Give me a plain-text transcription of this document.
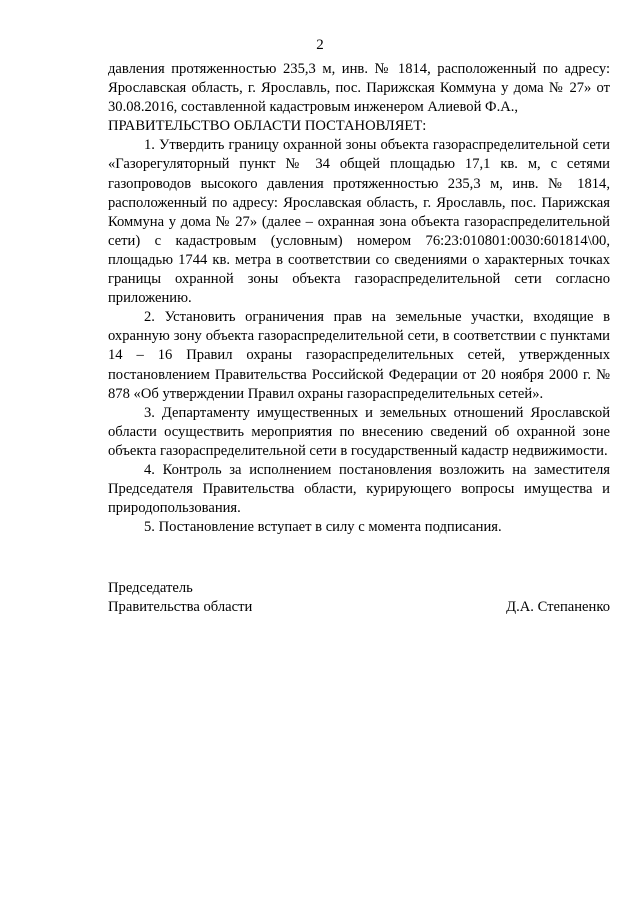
2

давления протяженностью 235,3 м, инв. № 1814, расположенный по адресу: Ярославская область, г. Ярославль, пос. Парижская Коммуна у дома № 27» от 30.08.2016, составленной кадастровым инженером Алиевой Ф.А.,

ПРАВИТЕЛЬСТВО ОБЛАСТИ ПОСТАНОВЛЯЕТ:

1. Утвердить границу охранной зоны объекта газораспределительной сети «Газорегуляторный пункт № 34 общей площадью 17,1 кв. м, с сетями газопроводов высокого давления протяженностью 235,3 м, инв. № 1814, расположенный по адресу: Ярославская область, г. Ярославль, пос. Парижская Коммуна у дома № 27» (далее – охранная зона объекта газораспределительной сети) с кадастровым (условным) номером 76:23:010801:0030:601814\00, площадью 1744 кв. метра в соответствии со сведениями о характерных точках границы охранной зоны объекта газораспределительной сети согласно приложению.

2. Установить ограничения прав на земельные участки, входящие в охранную зону объекта газораспределительной сети, в соответствии с пунктами 14 – 16 Правил охраны газораспределительных сетей, утвержденных постановлением Правительства Российской Федерации от 20 ноября 2000 г. № 878 «Об утверждении Правил охраны газораспределительных сетей».

3. Департаменту имущественных и земельных отношений Ярославской области осуществить мероприятия по внесению сведений об охранной зоне объекта газораспределительной сети в государственный кадастр недвижимости.

4. Контроль за исполнением постановления возложить на заместителя Председателя Правительства области, курирующего вопросы имущества и природопользования.

5. Постановление вступает в силу с момента подписания.

Председатель
Правительства области	Д.А. Степаненко
